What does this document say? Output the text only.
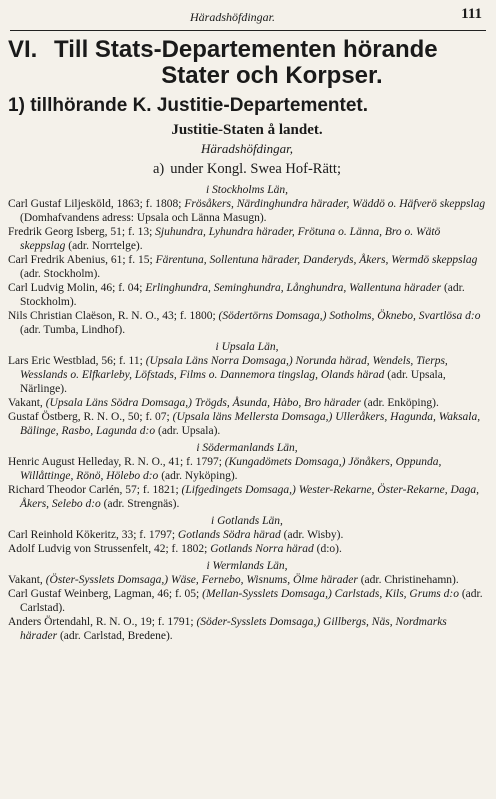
Häradshöfdingar.	111
VI. Till Stats-Departementen hörande
Stater och Korpser.
1) tillhörande K. Justitie-Departementet.
Justitie-Staten å landet.
Häradshöfdingar,
a) under Kongl. Swea Hof-Rätt;
i Stockholms Län,

Carl Gustaf Liljesköld, 1863; f. 1808; Frösåkers, Närdinghundra härader, Wäddö o. Häfverö skeppslag (Domhafvandens adress: Upsala och Länna Masugn).

Fredrik Georg Isberg, 51; f. 13; Sjuhundra, Lyhundra härader, Frötuna o. Länna, Bro o. Wätö skeppslag (adr. Norrtelge).

Carl Fredrik Abenius, 61; f. 15; Färentuna, Sollentuna härader, Danderyds, Åkers, Wermdö skeppslag (adr. Stockholm).

Carl Ludvig Molin, 46; f. 04; Erlinghundra, Seminghundra, Långhundra, Wallentuna härader (adr. Stockholm).

Nils Christian Claëson, R. N. O., 43; f. 1800; (Södertörns Domsaga,) Sotholms, Öknebo, Svartlösa d:o (adr. Tumba, Lindhof).

i Upsala Län,

Lars Eric Westblad, 56; f. 11; (Upsala Läns Norra Domsaga,) Norunda härad, Wendels, Tierps, Wesslands o. Elfkarleby, Löfstads, Films o. Dannemora tingslag, Olands härad (adr. Upsala, Närlinge).

Vakant, (Upsala Läns Södra Domsaga,) Trögds, Åsunda, Hàbo, Bro härader (adr. Enköping).

Gustaf Östberg, R. N. O., 50; f. 07; (Upsala läns Mellersta Domsaga,) Ulleråkers, Hagunda, Waksala, Bälinge, Rasbo, Lagunda d:o (adr. Upsala).

i Södermanlands Län,

Henric August Helleday, R. N. O., 41; f. 1797; (Kungadömets Domsaga,) Jönåkers, Oppunda, Willåttinge, Rönö, Hölebo d:o (adr. Nyköping).

Richard Theodor Carlén, 57; f. 1821; (Lifgedingets Domsaga,) Wester-Rekarne, Öster-Rekarne, Daga, Åkers, Selebo d:o (adr. Strengnäs).

i Gotlands Län,

Carl Reinhold Kökeritz, 33; f. 1797; Gotlands Södra härad (adr. Wisby).

Adolf Ludvig von Strussenfelt, 42; f. 1802; Gotlands Norra härad (d:o).

i Wermlands Län,

Vakant, (Öster-Sysslets Domsaga,) Wäse, Fernebo, Wisnums, Ölme härader (adr. Christinehamn).

Carl Gustaf Weinberg, Lagman, 46; f. 05; (Mellan-Sysslets Domsaga,) Carlstads, Kils, Grums d:o (adr. Carlstad).

Anders Örtendahl, R. N. O., 19; f. 1791; (Söder-Sysslets Domsaga,) Gillbergs, Näs, Nordmarks härader (adr. Carlstad, Bredene).
